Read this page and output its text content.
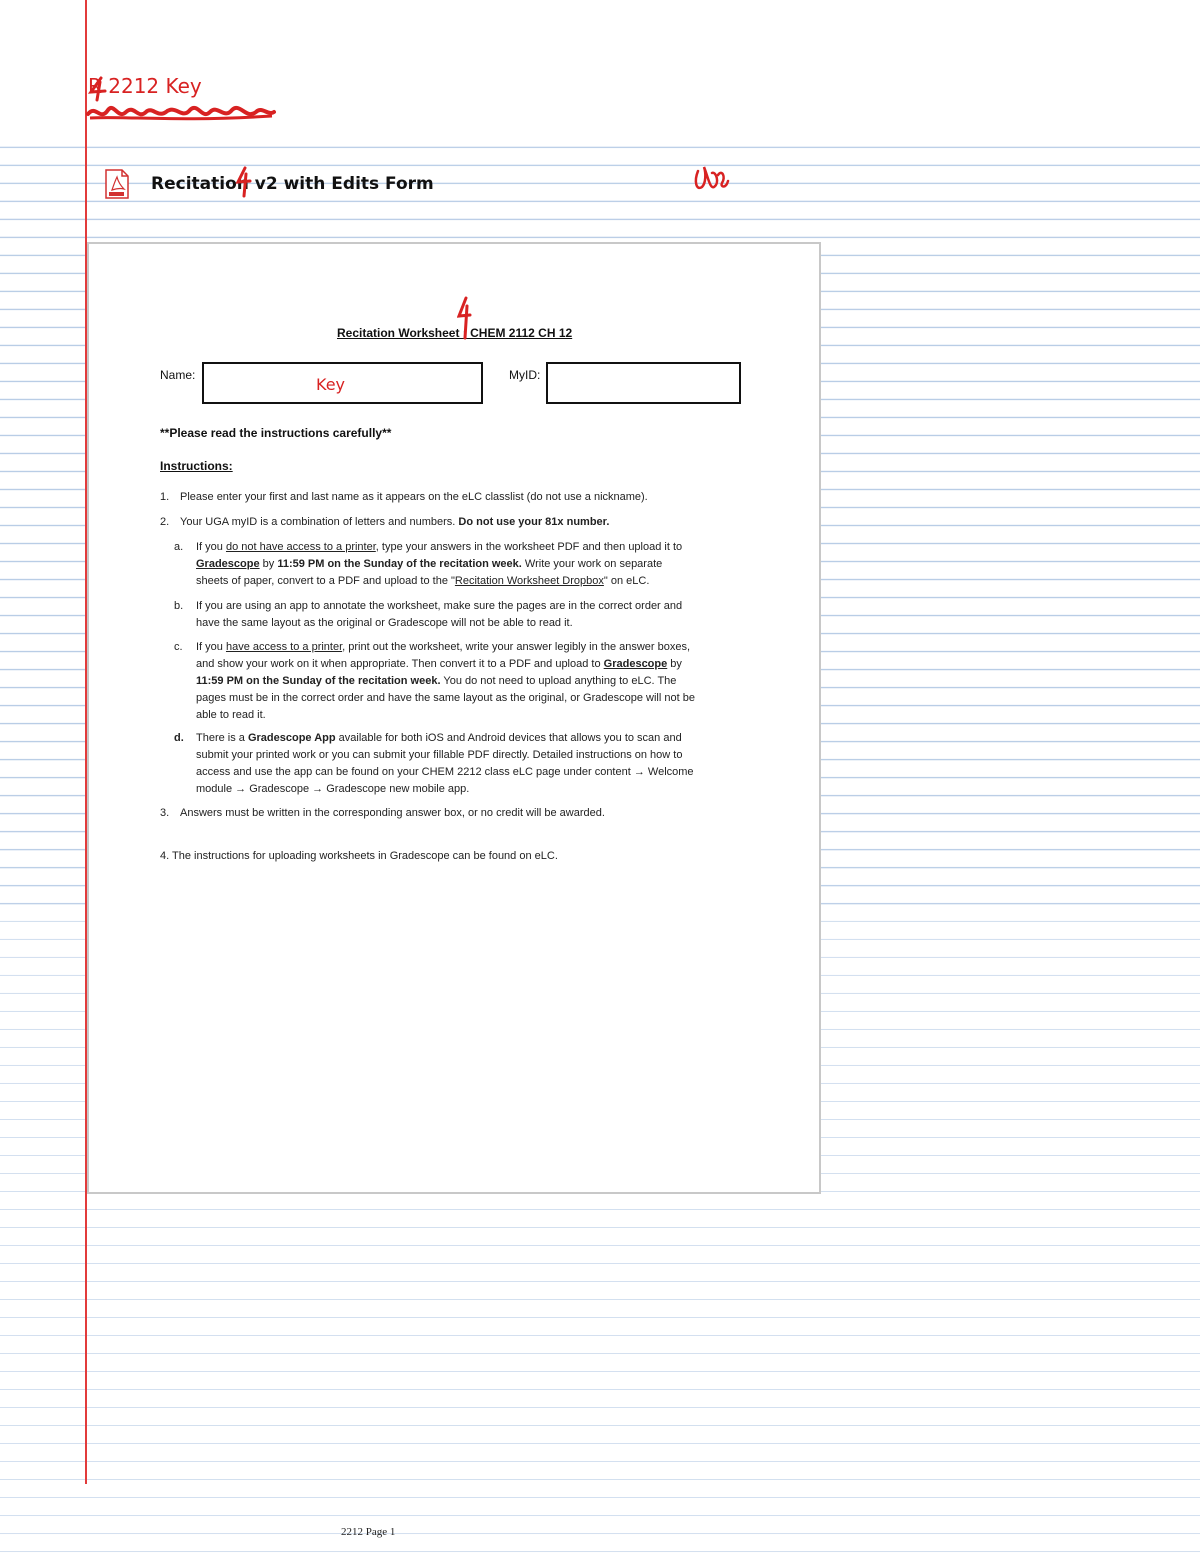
R 2212 Key
Recitation v2 with Edits Form
Recitation Worksheet : CHEM 2112 CH 12
Name:	Key	MyID:
**Please read the instructions carefully**
Instructions:
1. Please enter your first and last name as it appears on the eLC classlist (do not use a nickname).
2. Your UGA myID is a combination of letters and numbers. Do not use your 81x number.
a. If you do not have access to a printer, type your answers in the worksheet PDF and then upload it to
Gradescope by 11:59 PM on the Sunday of the recitation week. Write your work on separate
sheets of paper, convert to a PDF and upload to the "Recitation Worksheet Dropbox" on eLC.
b. If you are using an app to annotate the worksheet, make sure the pages are in the correct order and
have the same layout as the original or Gradescope will not be able to read it.
c. If you have access to a printer, print out the worksheet, write your answer legibly in the answer boxes,
and show your work on it when appropriate. Then convert it to a PDF and upload to Gradescope by
11:59 PM on the Sunday of the recitation week. You do not need to upload anything to eLC. The
pages must be in the correct order and have the same layout as the original, or Gradescope will not be
able to read it.
d. There is a Gradescope App available for both iOS and Android devices that allows you to scan and
submit your printed work or you can submit your fillable PDF directly. Detailed instructions on how to
access and use the app can be found on your CHEM 2212 class eLC page under content → Welcome
module → Gradescope → Gradescope new mobile app.
3. Answers must be written in the corresponding answer box, or no credit will be awarded.
4. The instructions for uploading worksheets in Gradescope can be found on eLC.
2212 Page 1
